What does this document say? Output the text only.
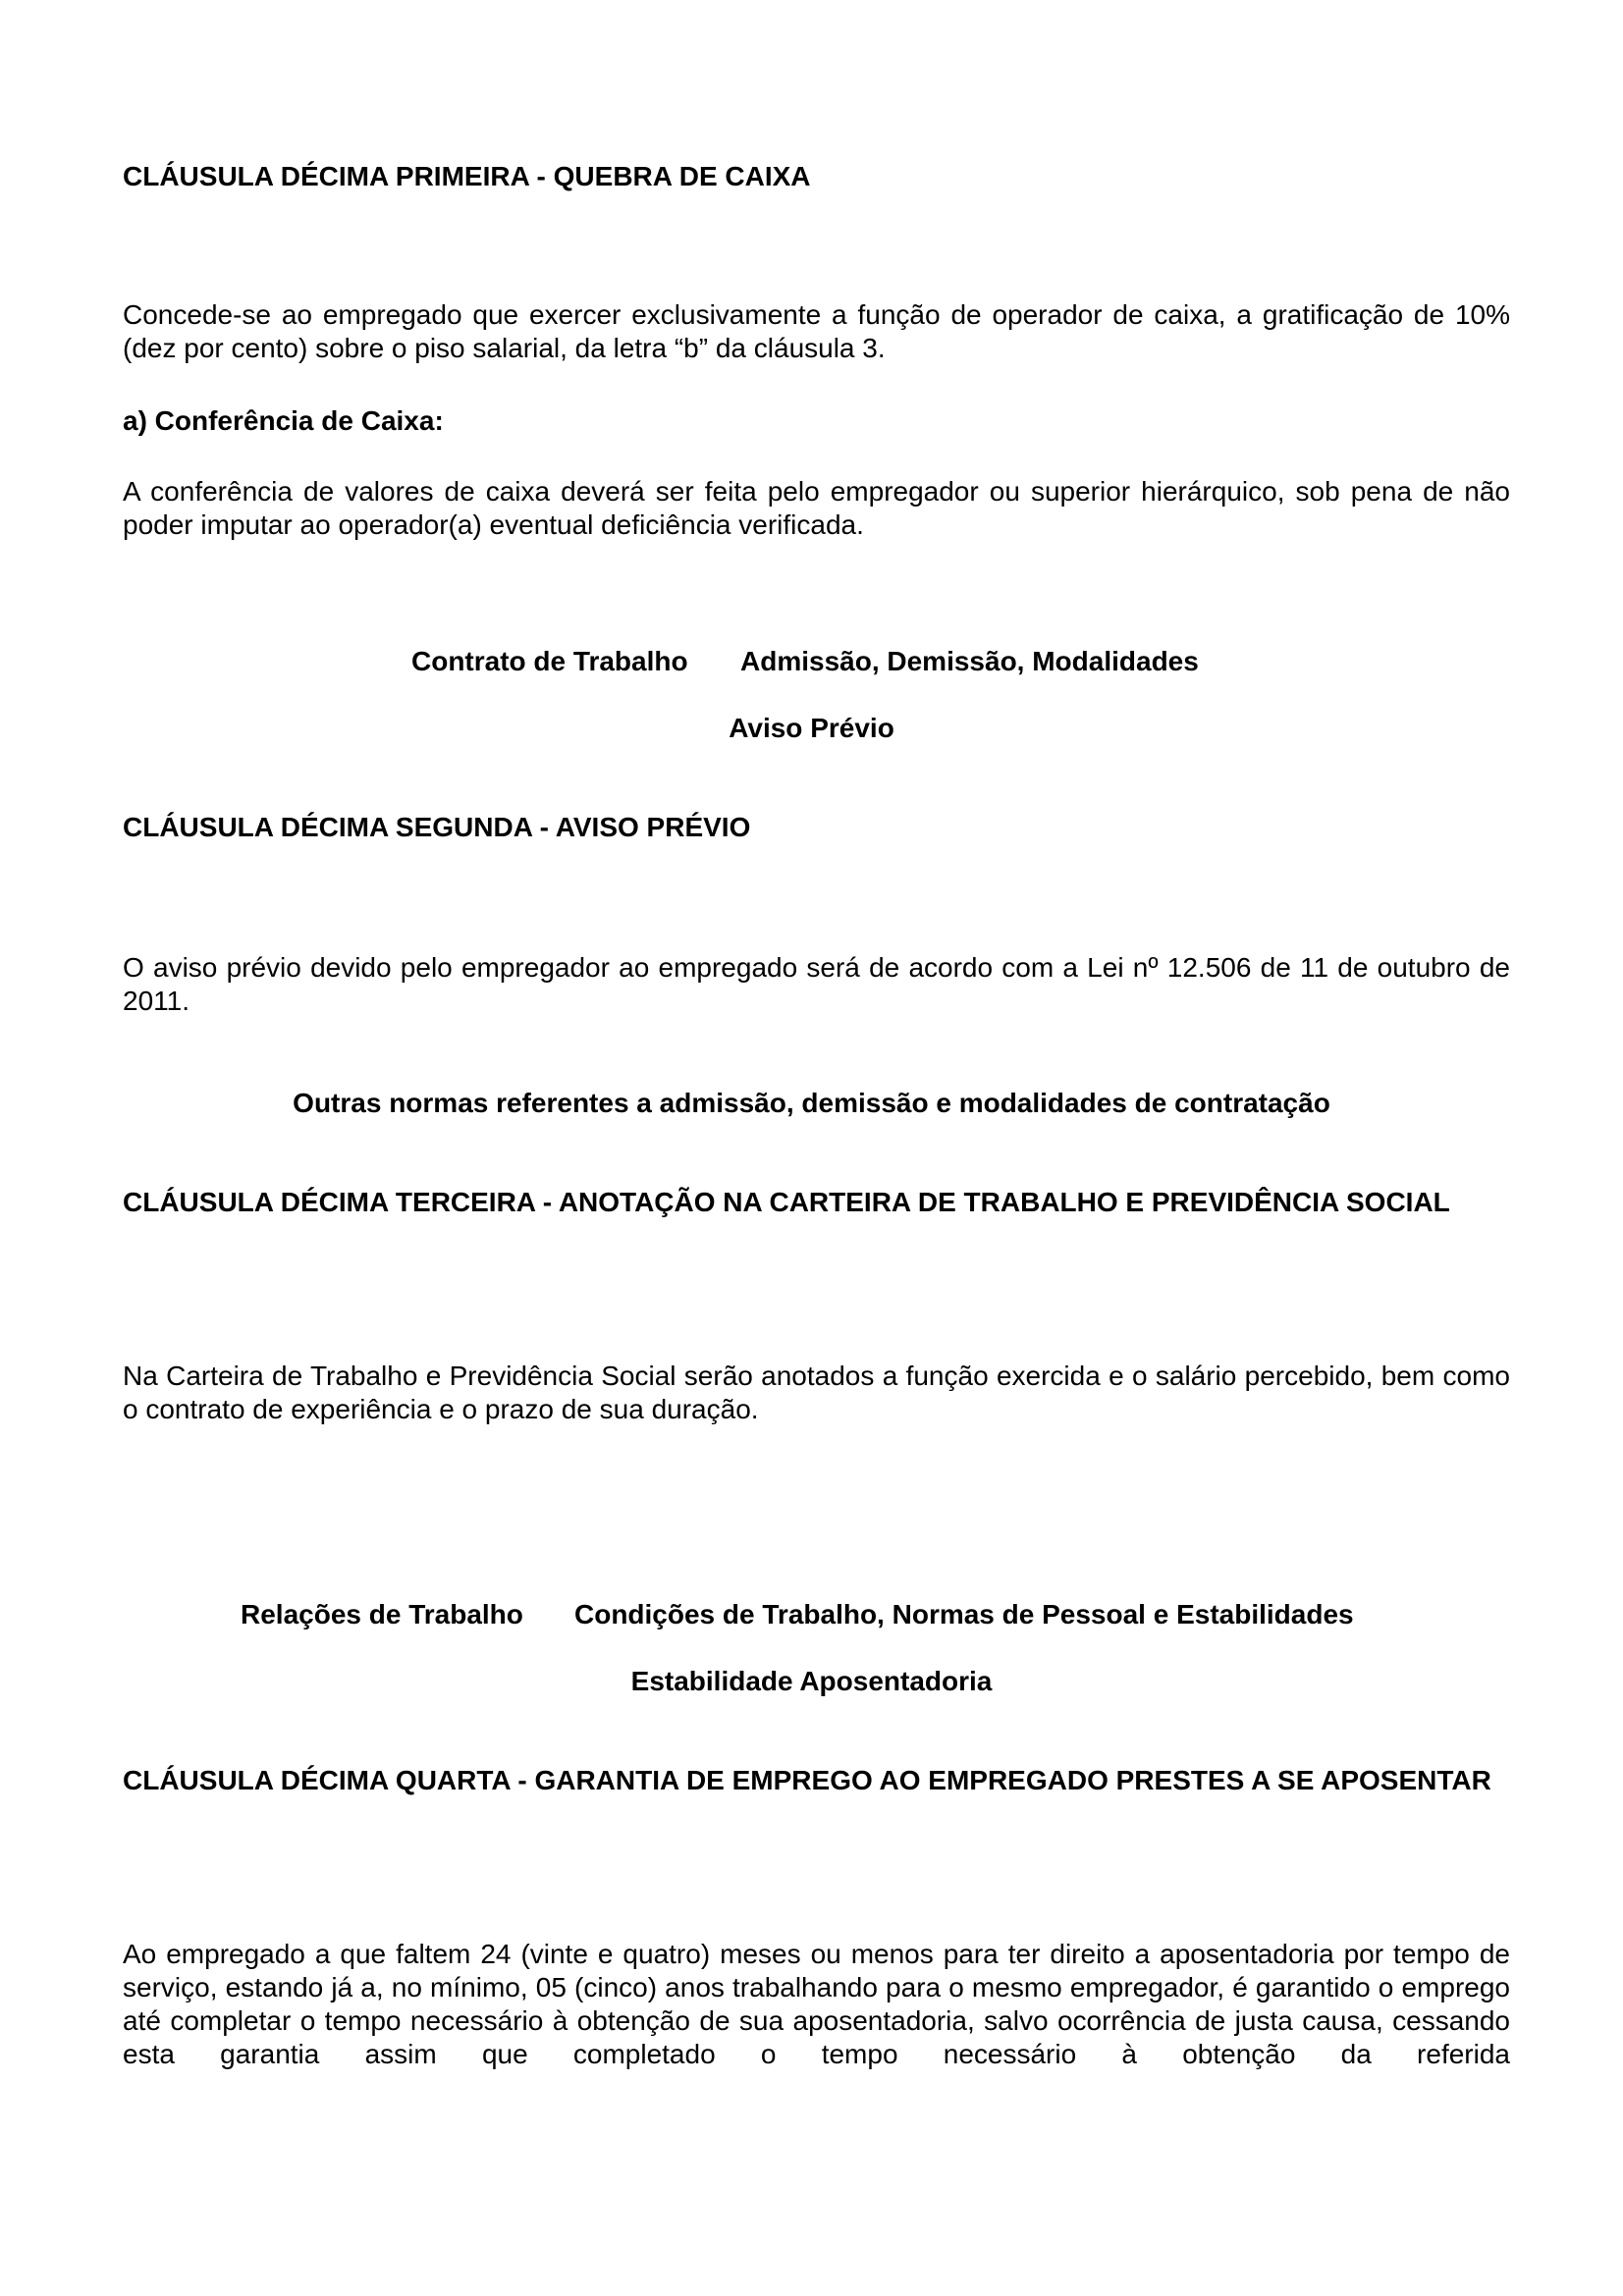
CLÁUSULA DÉCIMA PRIMEIRA - QUEBRA DE CAIXA

Concede-se ao empregado que exercer exclusivamente a função de operador de caixa, a gratificação de 10% (dez por cento) sobre o piso salarial, da letra “b” da cláusula 3.

a) Conferência de Caixa:

A conferência de valores de caixa deverá ser feita pelo empregador ou superior hierárquico, sob pena de não poder imputar ao operador(a) eventual deficiência verificada.

Contrato de Trabalho Admissão, Demissão, Modalidades

Aviso Prévio

CLÁUSULA DÉCIMA SEGUNDA - AVISO PRÉVIO

O aviso prévio devido pelo empregador ao empregado será de acordo com a Lei nº 12.506 de 11 de outubro de 2011.

Outras normas referentes a admissão, demissão e modalidades de contratação

CLÁUSULA DÉCIMA TERCEIRA - ANOTAÇÃO NA CARTEIRA DE TRABALHO E PREVIDÊNCIA SOCIAL

Na Carteira de Trabalho e Previdência Social serão anotados a função exercida e o salário percebido, bem como o contrato de experiência e o prazo de sua duração.

Relações de Trabalho Condições de Trabalho, Normas de Pessoal e Estabilidades

Estabilidade Aposentadoria

CLÁUSULA DÉCIMA QUARTA - GARANTIA DE EMPREGO AO EMPREGADO PRESTES A SE APOSENTAR

Ao empregado a que faltem 24 (vinte e quatro) meses ou menos para ter direito a aposentadoria por tempo de serviço, estando já a, no mínimo, 05 (cinco) anos trabalhando para o mesmo empregador, é garantido o emprego até completar o tempo necessário à obtenção de sua aposentadoria, salvo ocorrência de justa causa, cessando esta garantia assim que completado o tempo necessário à obtenção da referida
